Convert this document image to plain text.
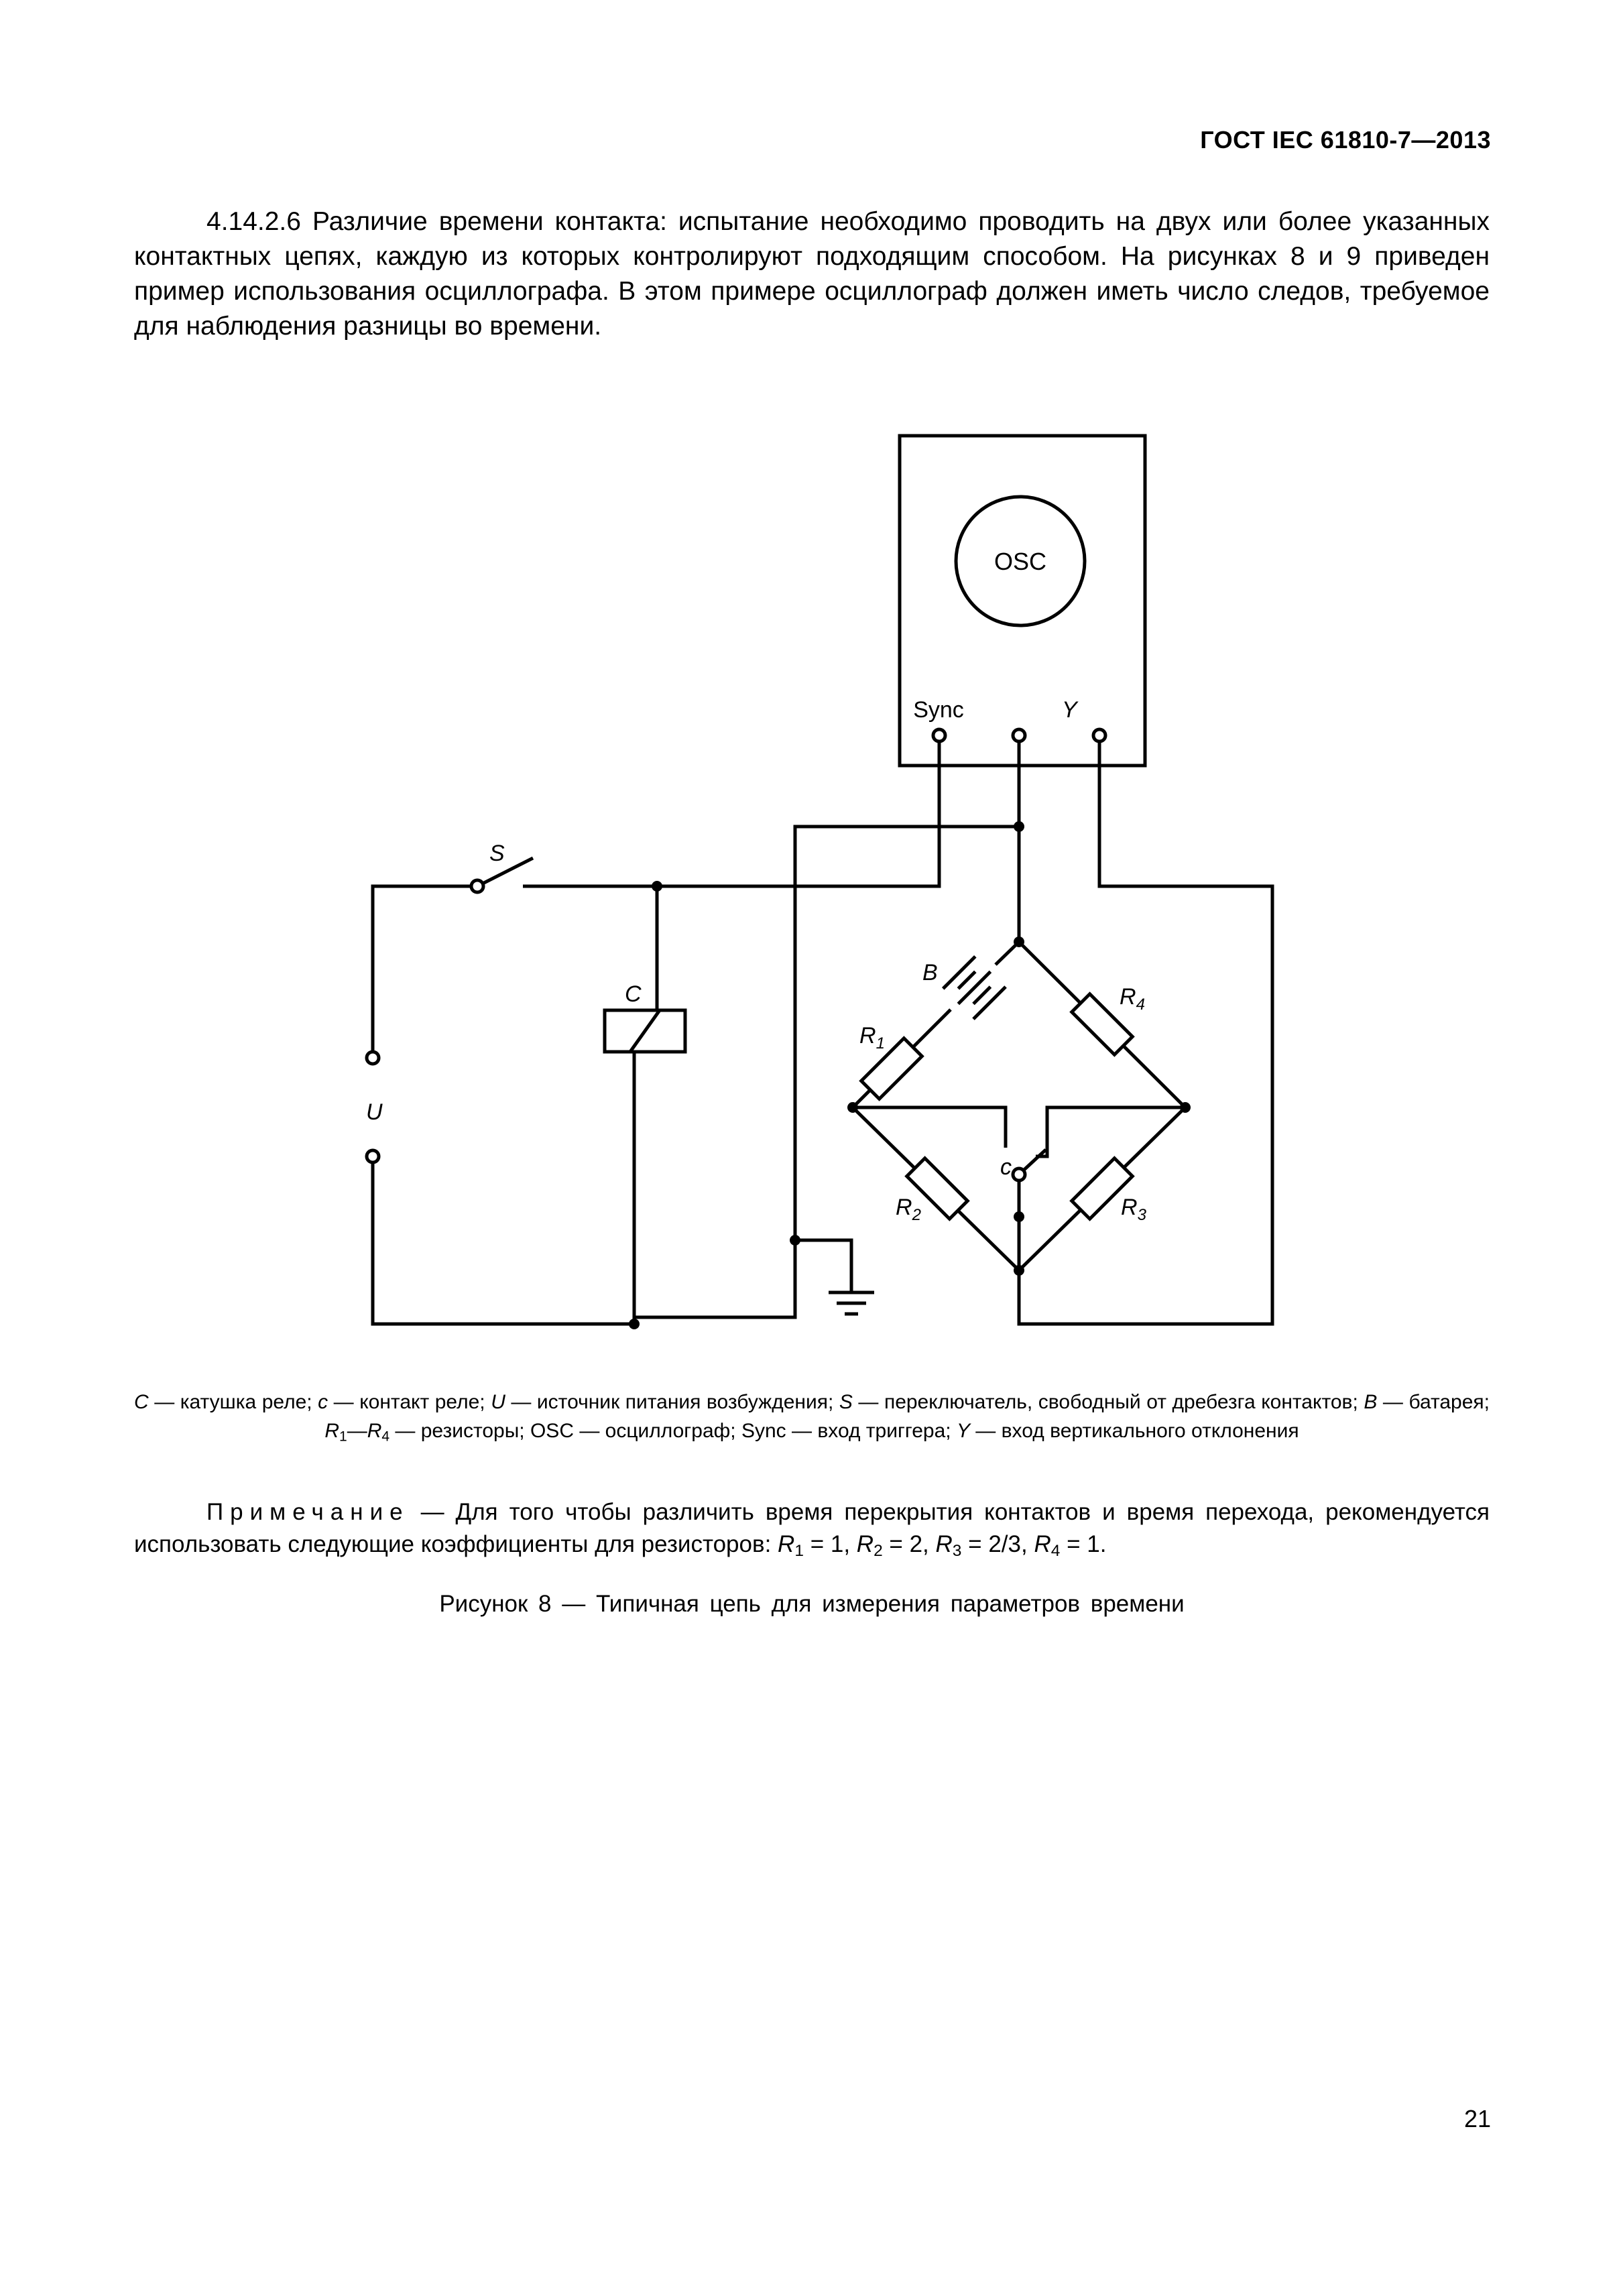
ГОСТ IEC 61810-7—2013
4.14.2.6 Различие времени контакта: испытание необходимо проводить на двух или более указанных контактных цепях, каждую из которых контролируют подходящим способом. На рисунках 8 и 9 приведен пример использования осциллографа. В этом примере осциллограф должен иметь число следов, требуемое для наблюдения разницы во времени.
OSC
Sync	Y
S
C
U
B
c
$R_4$
$R_1$
$R_2$	$R_3$
C — катушка реле; c — контакт реле; U — источник питания возбуждения; S — переключатель, свободный от дребезга контактов; B — батарея; $R_1—R_4$ — резисторы; OSC — осциллограф; Sync — вход триггера; Y — вход вертикального отклонения
Примечание — Для того чтобы различить время перекрытия контактов и время перехода, рекомендуется использовать следующие коэффициенты для резисторов: $R_1 = 1$, $R_2 = 2$, $R_3 = 2/3$, $R_4 = 1$.
Рисунок 8 — Типичная цепь для измерения параметров времени
21
